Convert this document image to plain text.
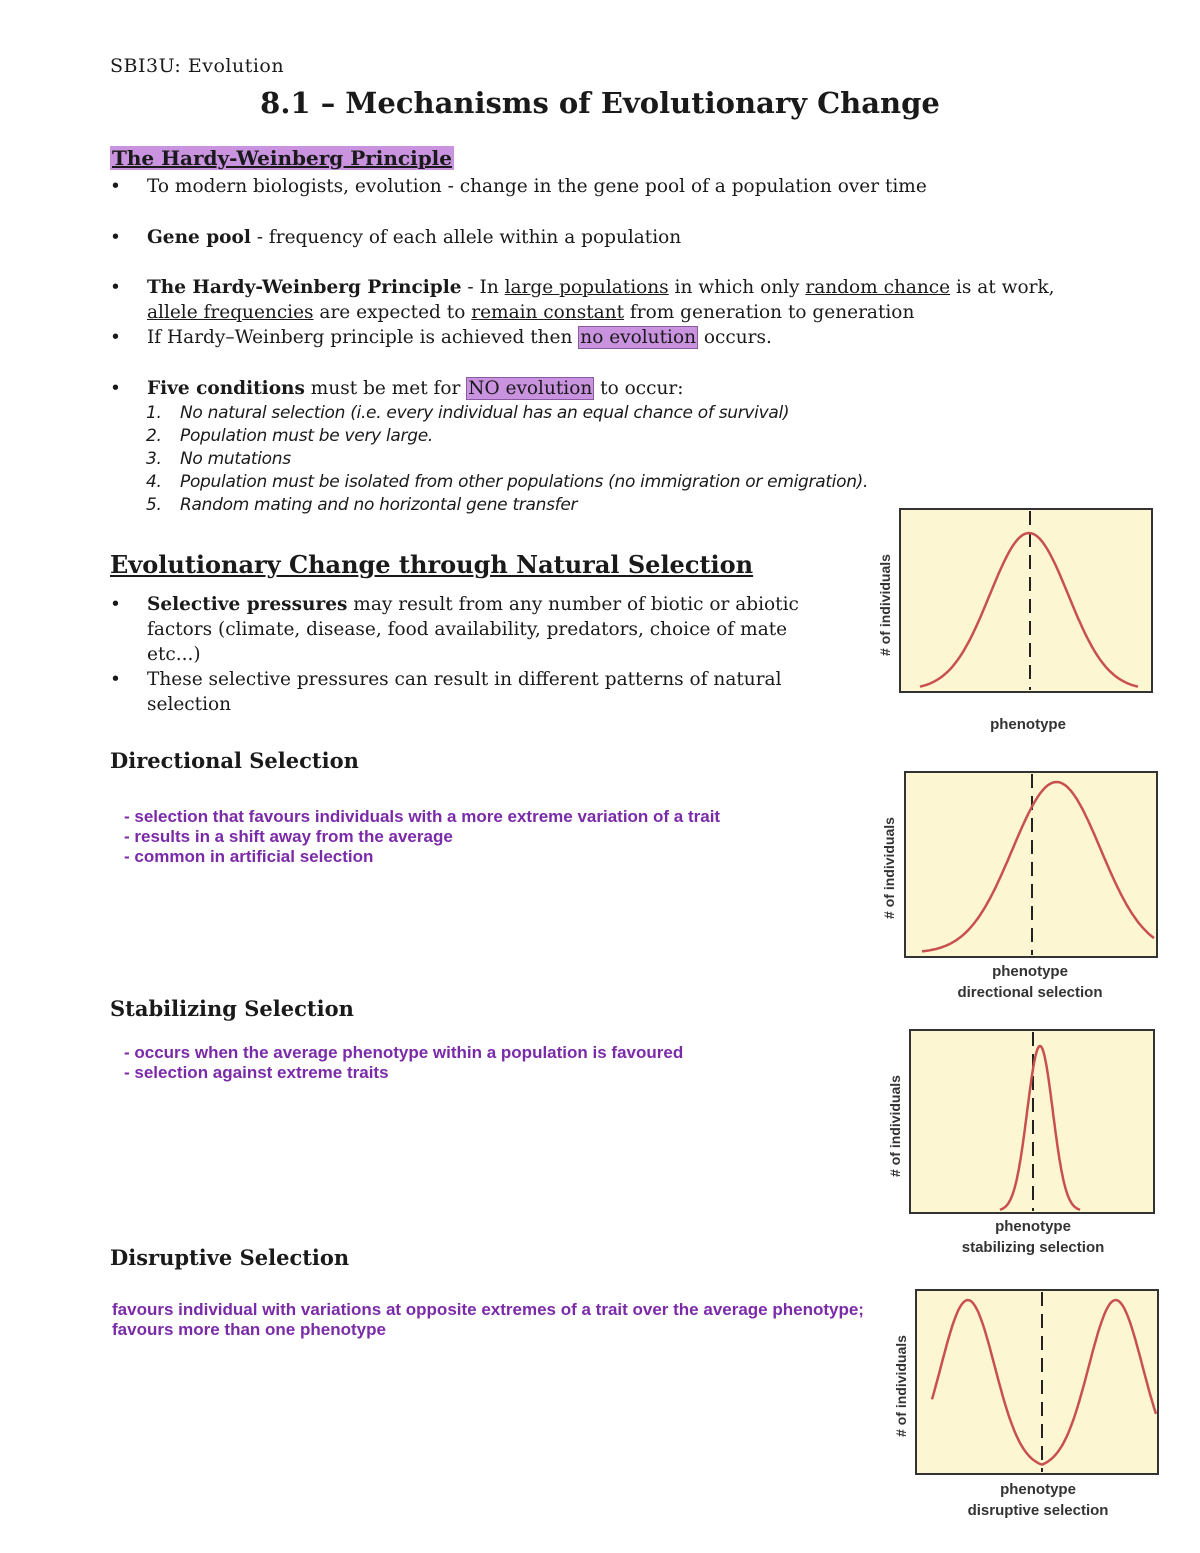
SBI3U: Evolution
8.1 – Mechanisms of Evolutionary Change
The Hardy-Weinberg Principle
• To modern biologists, evolution - change in the gene pool of a population over time
• Gene pool - frequency of each allele within a population
• The Hardy-Weinberg Principle - In large populations in which only random chance is at work, allele frequencies are expected to remain constant from generation to generation
• If Hardy–Weinberg principle is achieved then no evolution occurs.
• Five conditions must be met for NO evolution to occur:
1.	No natural selection (i.e. every individual has an equal chance of survival)
2.	Population must be very large.
3.	No mutations
4.	Population must be isolated from other populations (no immigration or emigration).
5.	Random mating and no horizontal gene transfer
Evolutionary Change through Natural Selection
• Selective pressures may result from any number of biotic or abiotic factors (climate, disease, food availability, predators, choice of mate etc...)
• These selective pressures can result in different patterns of natural selection
Directional Selection
- selection that favours individuals with a more extreme variation of a trait
- results in a shift away from the average
- common in artificial selection
Stabilizing Selection
- occurs when the average phenotype within a population is favoured
- selection against extreme traits
Disruptive Selection
favours individual with variations at opposite extremes of a trait over the average phenotype;
favours more than one phenotype
# of individuals
phenotype
# of individuals
phenotype
directional selection
# of individuals
phenotype
stabilizing selection
# of individuals
phenotype
disruptive selection
